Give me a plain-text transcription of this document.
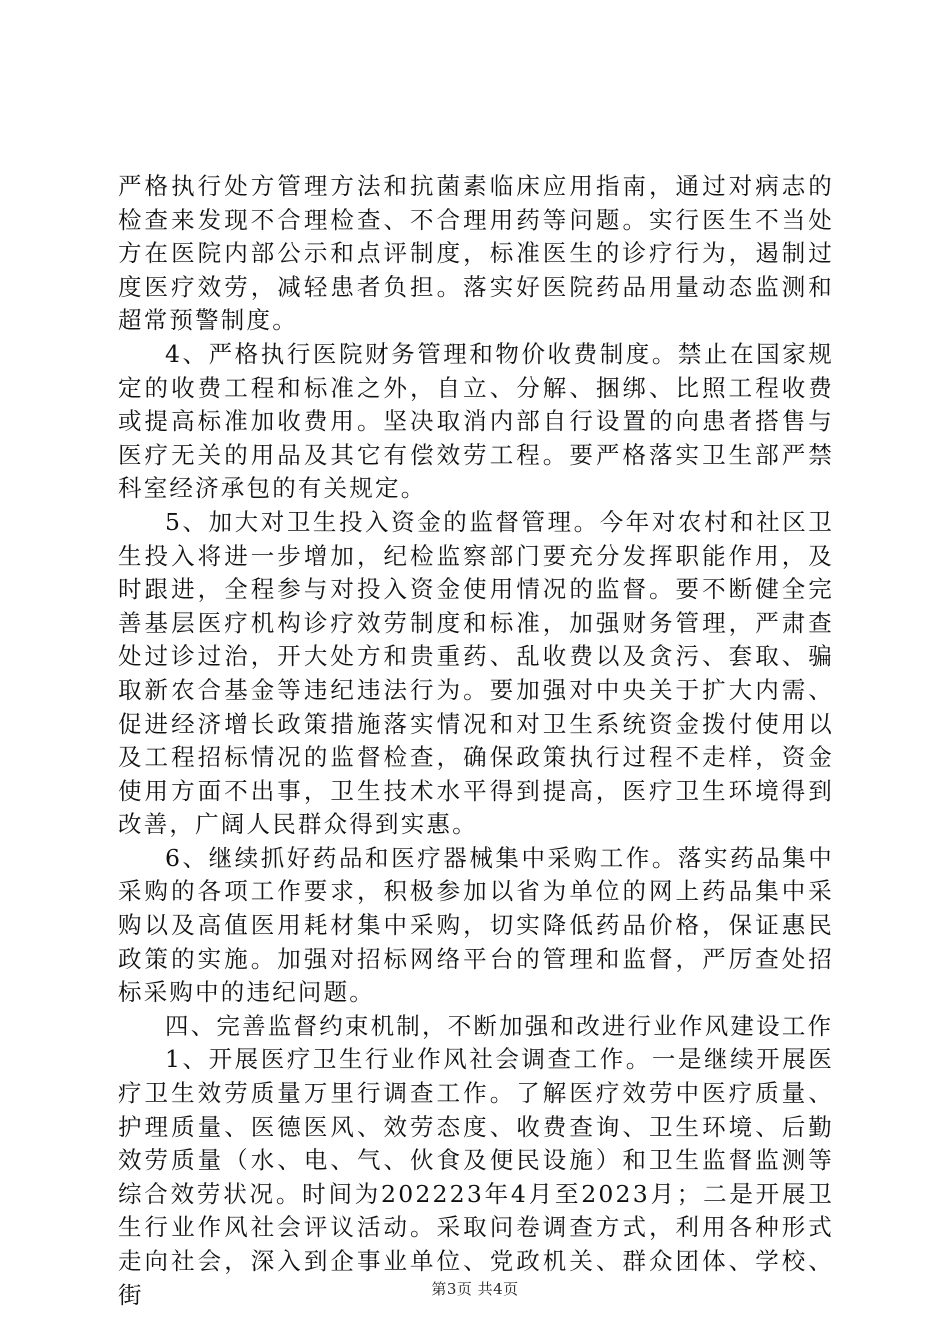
严格执行处方管理方法和抗菌素临床应用指南，通过对病志的检查来发现不合理检查、不合理用药等问题。实行医生不当处方在医院内部公示和点评制度，标准医生的诊疗行为，遏制过度医疗效劳，减轻患者负担。落实好医院药品用量动态监测和超常预警制度。

4、严格执行医院财务管理和物价收费制度。禁止在国家规定的收费工程和标准之外，自立、分解、捆绑、比照工程收费或提高标准加收费用。坚决取消内部自行设置的向患者搭售与医疗无关的用品及其它有偿效劳工程。要严格落实卫生部严禁科室经济承包的有关规定。

5、加大对卫生投入资金的监督管理。今年对农村和社区卫生投入将进一步增加，纪检监察部门要充分发挥职能作用，及时跟进，全程参与对投入资金使用情况的监督。要不断健全完善基层医疗机构诊疗效劳制度和标准，加强财务管理，严肃查处过诊过治，开大处方和贵重药、乱收费以及贪污、套取、骗取新农合基金等违纪违法行为。要加强对中央关于扩大内需、促进经济增长政策措施落实情况和对卫生系统资金拨付使用以及工程招标情况的监督检查，确保政策执行过程不走样，资金使用方面不出事，卫生技术水平得到提高，医疗卫生环境得到改善，广阔人民群众得到实惠。

6、继续抓好药品和医疗器械集中采购工作。落实药品集中采购的各项工作要求，积极参加以省为单位的网上药品集中采购以及高值医用耗材集中采购，切实降低药品价格，保证惠民政策的实施。加强对招标网络平台的管理和监督，严厉查处招标采购中的违纪问题。

四、完善监督约束机制，不断加强和改进行业作风建设工作

1、开展医疗卫生行业作风社会调查工作。一是继续开展医疗卫生效劳质量万里行调查工作。了解医疗效劳中医疗质量、护理质量、医德医风、效劳态度、收费查询、卫生环境、后勤效劳质量（水、电、气、伙食及便民设施）和卫生监督监测等综合效劳状况。时间为202223年4月至2023月；二是开展卫生行业作风社会评议活动。采取问卷调查方式，利用各种形式走向社会，深入到企事业单位、党政机关、群众团体、学校、街	第3页 共4页
